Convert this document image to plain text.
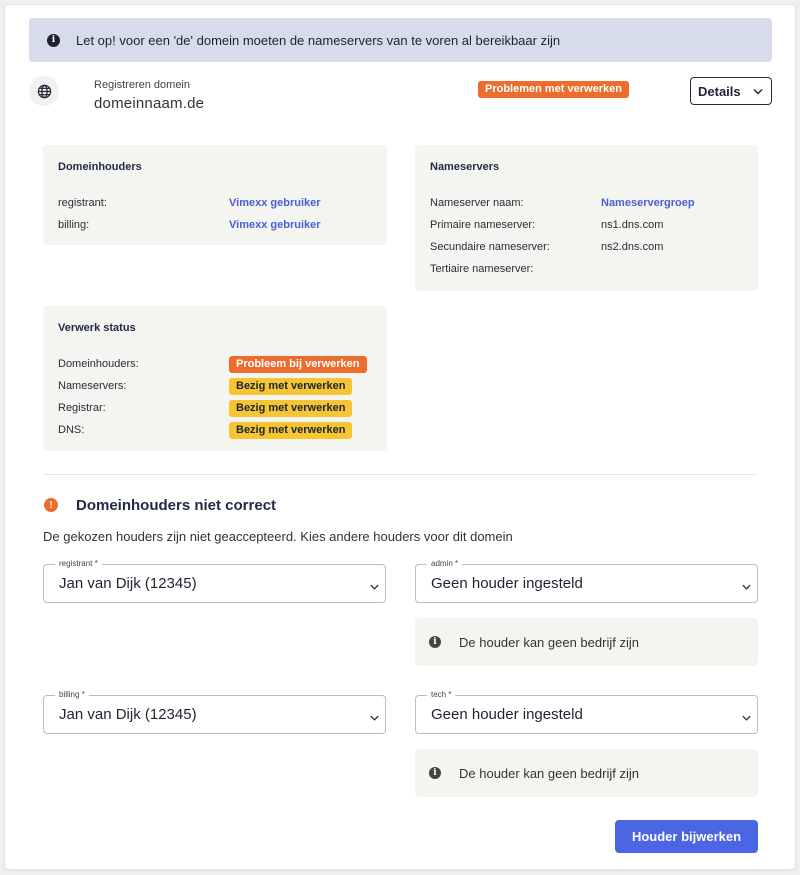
i	Let op! voor een 'de' domein moeten de nameservers van te voren al bereikbaar zijn
Registreren domein
domeinnaam.de
Problemen met verwerken	Details
Domeinhouders
registrant:	Vimexx gebruiker
billing:	Vimexx gebruiker
Nameservers
Nameserver naam:	Nameservergroep
Primaire nameserver:	ns1.dns.com
Secundaire nameserver:	ns2.dns.com
Tertiaire nameserver:
Verwerk status
Domeinhouders:	Probleem bij verwerken
Nameservers:	Bezig met verwerken
Registrar:	Bezig met verwerken
DNS:	Bezig met verwerken
!	Domeinhouders niet correct
De gekozen houders zijn niet geaccepteerd. Kies andere houders voor dit domein
registrant *
Jan van Dijk (12345)
admin *
Geen houder ingesteld
i	De houder kan geen bedrijf zijn
billing *
Jan van Dijk (12345)
tech *
Geen houder ingesteld
i	De houder kan geen bedrijf zijn
Houder bijwerken
